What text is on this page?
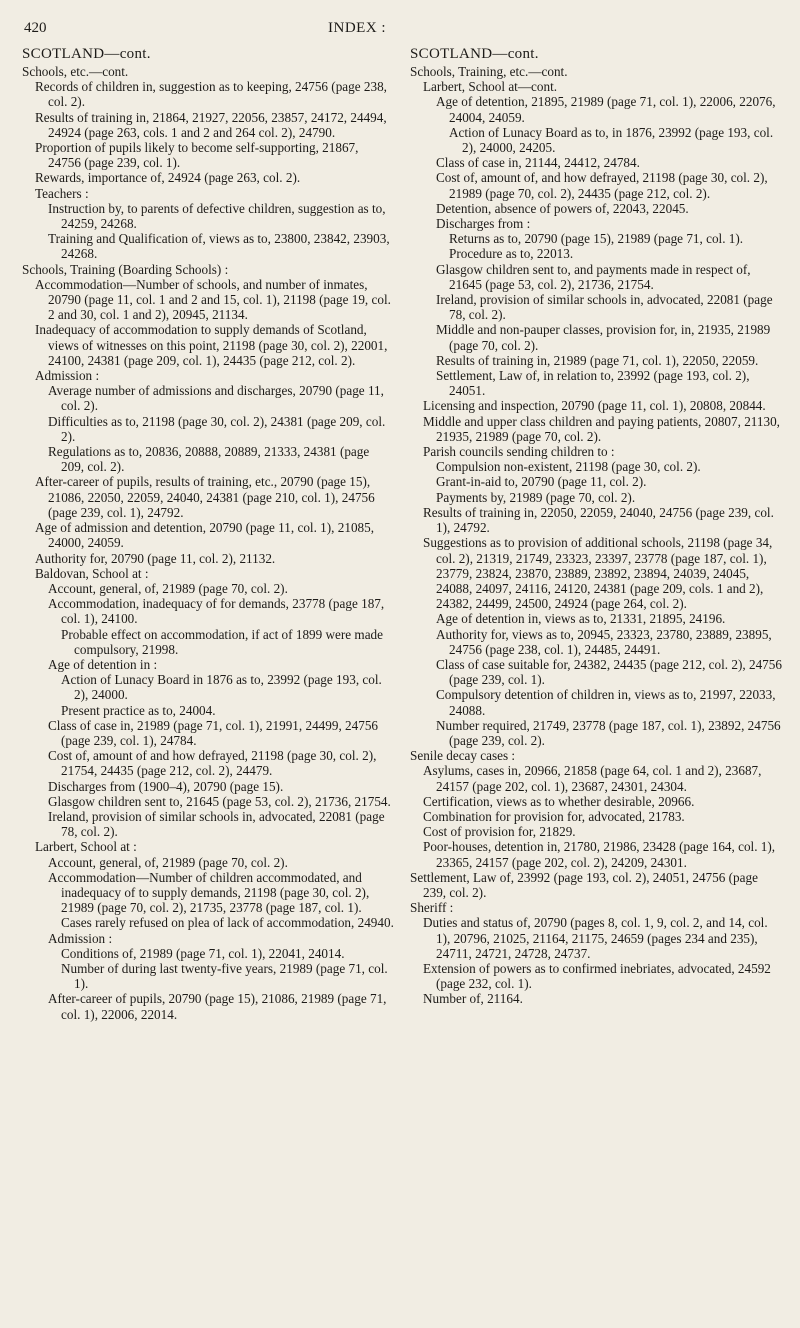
420	INDEX :
SCOTLAND—cont.

Schools, etc.—cont.

Records of children in, suggestion as to keeping, 24756 (page 238, col. 2).

Results of training in, 21864, 21927, 22056, 23857, 24172, 24494, 24924 (page 263, cols. 1 and 2 and 264 col. 2), 24790.

Proportion of pupils likely to become self-supporting, 21867, 24756 (page 239, col. 1).

Rewards, importance of, 24924 (page 263, col. 2).

Teachers :

Instruction by, to parents of defective children, suggestion as to, 24259, 24268.

Training and Qualification of, views as to, 23800, 23842, 23903, 24268.

Schools, Training (Boarding Schools) :

Accommodation—Number of schools, and number of inmates, 20790 (page 11, col. 1 and 2 and 15, col. 1), 21198 (page 19, col. 2 and 30, col. 1 and 2), 20945, 21134.

Inadequacy of accommodation to supply demands of Scotland, views of witnesses on this point, 21198 (page 30, col. 2), 22001, 24100, 24381 (page 209, col. 1), 24435 (page 212, col. 2).

Admission :

Average number of admissions and discharges, 20790 (page 11, col. 2).

Difficulties as to, 21198 (page 30, col. 2), 24381 (page 209, col. 2).

Regulations as to, 20836, 20888, 20889, 21333, 24381 (page 209, col. 2).

After-career of pupils, results of training, etc., 20790 (page 15), 21086, 22050, 22059, 24040, 24381 (page 210, col. 1), 24756 (page 239, col. 1), 24792.

Age of admission and detention, 20790 (page 11, col. 1), 21085, 24000, 24059.

Authority for, 20790 (page 11, col. 2), 21132.

Baldovan, School at :

Account, general, of, 21989 (page 70, col. 2).

Accommodation, inadequacy of for demands, 23778 (page 187, col. 1), 24100.

Probable effect on accommodation, if act of 1899 were made compulsory, 21998.

Age of detention in :

Action of Lunacy Board in 1876 as to, 23992 (page 193, col. 2), 24000.

Present practice as to, 24004.

Class of case in, 21989 (page 71, col. 1), 21991, 24499, 24756 (page 239, col. 1), 24784.

Cost of, amount of and how defrayed, 21198 (page 30, col. 2), 21754, 24435 (page 212, col. 2), 24479.

Discharges from (1900–4), 20790 (page 15).

Glasgow children sent to, 21645 (page 53, col. 2), 21736, 21754.

Ireland, provision of similar schools in, advocated, 22081 (page 78, col. 2).

Larbert, School at :

Account, general, of, 21989 (page 70, col. 2).

Accommodation—Number of children accommodated, and inadequacy of to supply demands, 21198 (page 30, col. 2), 21989 (page 70, col. 2), 21735, 23778 (page 187, col. 1).

Cases rarely refused on plea of lack of accommodation, 24940.

Admission :

Conditions of, 21989 (page 71, col. 1), 22041, 24014.

Number of during last twenty-five years, 21989 (page 71, col. 1).

After-career of pupils, 20790 (page 15), 21086, 21989 (page 71, col. 1), 22006, 22014.

SCOTLAND—cont.

Schools, Training, etc.—cont.

Larbert, School at—cont.

Age of detention, 21895, 21989 (page 71, col. 1), 22006, 22076, 24004, 24059.

Action of Lunacy Board as to, in 1876, 23992 (page 193, col. 2), 24000, 24205.

Class of case in, 21144, 24412, 24784.

Cost of, amount of, and how defrayed, 21198 (page 30, col. 2), 21989 (page 70, col. 2), 24435 (page 212, col. 2).

Detention, absence of powers of, 22043, 22045.

Discharges from :

Returns as to, 20790 (page 15), 21989 (page 71, col. 1).

Procedure as to, 22013.

Glasgow children sent to, and payments made in respect of, 21645 (page 53, col. 2), 21736, 21754.

Ireland, provision of similar schools in, advocated, 22081 (page 78, col. 2).

Middle and non-pauper classes, provision for, in, 21935, 21989 (page 70, col. 2).

Results of training in, 21989 (page 71, col. 1), 22050, 22059.

Settlement, Law of, in relation to, 23992 (page 193, col. 2), 24051.

Licensing and inspection, 20790 (page 11, col. 1), 20808, 20844.

Middle and upper class children and paying patients, 20807, 21130, 21935, 21989 (page 70, col. 2).

Parish councils sending children to :

Compulsion non-existent, 21198 (page 30, col. 2).

Grant-in-aid to, 20790 (page 11, col. 2).

Payments by, 21989 (page 70, col. 2).

Results of training in, 22050, 22059, 24040, 24756 (page 239, col. 1), 24792.

Suggestions as to provision of additional schools, 21198 (page 34, col. 2), 21319, 21749, 23323, 23397, 23778 (page 187, col. 1), 23779, 23824, 23870, 23889, 23892, 23894, 24039, 24045, 24088, 24097, 24116, 24120, 24381 (page 209, cols. 1 and 2), 24382, 24499, 24500, 24924 (page 264, col. 2).

Age of detention in, views as to, 21331, 21895, 24196.

Authority for, views as to, 20945, 23323, 23780, 23889, 23895, 24756 (page 238, col. 1), 24485, 24491.

Class of case suitable for, 24382, 24435 (page 212, col. 2), 24756 (page 239, col. 1).

Compulsory detention of children in, views as to, 21997, 22033, 24088.

Number required, 21749, 23778 (page 187, col. 1), 23892, 24756 (page 239, col. 2).

Senile decay cases :

Asylums, cases in, 20966, 21858 (page 64, col. 1 and 2), 23687, 24157 (page 202, col. 1), 23687, 24301, 24304.

Certification, views as to whether desirable, 20966.

Combination for provision for, advocated, 21783.

Cost of provision for, 21829.

Poor-houses, detention in, 21780, 21986, 23428 (page 164, col. 1), 23365, 24157 (page 202, col. 2), 24209, 24301.

Settlement, Law of, 23992 (page 193, col. 2), 24051, 24756 (page 239, col. 2).

Sheriff :

Duties and status of, 20790 (pages 8, col. 1, 9, col. 2, and 14, col. 1), 20796, 21025, 21164, 21175, 24659 (pages 234 and 235), 24711, 24721, 24728, 24737.

Extension of powers as to confirmed inebriates, advocated, 24592 (page 232, col. 1).

Number of, 21164.
